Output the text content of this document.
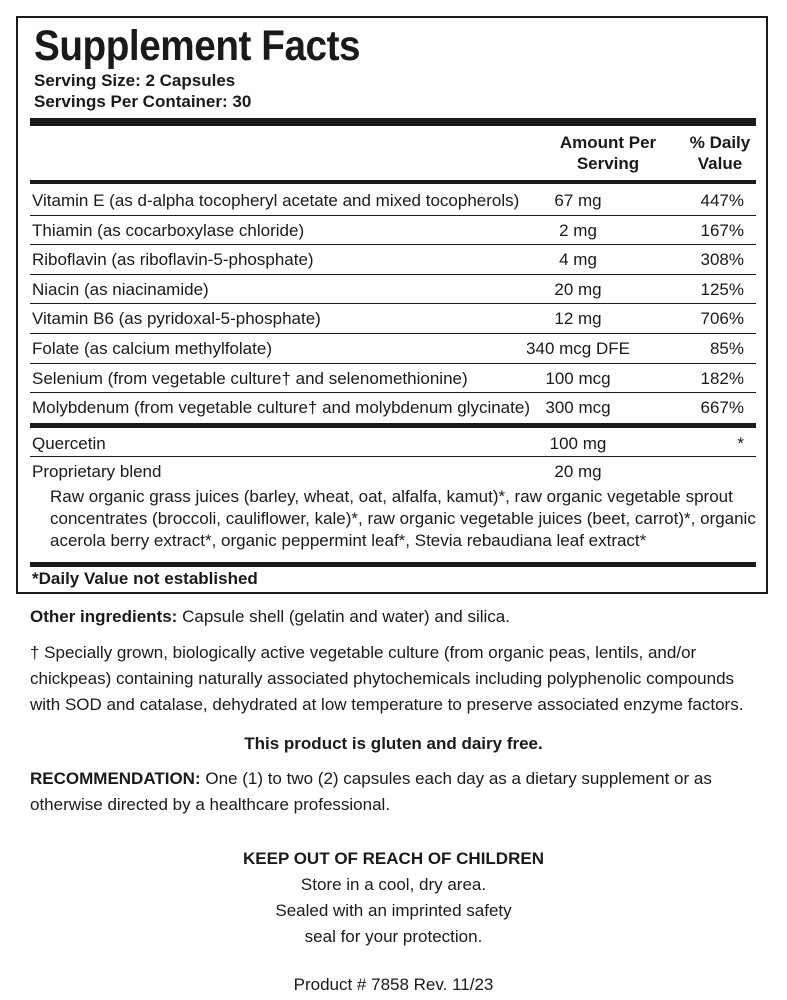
Supplement Facts
Serving Size: 2 Capsules
Servings Per Container: 30
Amount Per
Serving
% Daily
Value
Vitamin E (as d-alpha tocopheryl acetate and mixed tocopherols) 67 mg	447%
Thiamin (as cocarboxylase chloride)	2 mg	167%
Riboflavin (as riboflavin-5-phosphate)	4 mg	308%
Niacin (as niacinamide)	20 mg	125%
Vitamin B6 (as pyridoxal-5-phosphate)	12 mg	706%
Folate (as calcium methylfolate)	340 mcg DFE	85%
Selenium (from vegetable culture† and selenomethionine)	100 mcg	182%
Molybdenum (from vegetable culture† and molybdenum glycinate) 300 mcg	667%
Quercetin	100 mg	*
Proprietary blend	20 mg
Raw organic grass juices (barley, wheat, oat, alfalfa, kamut)*, raw organic vegetable sprout concentrates (broccoli, cauliflower, kale)*, raw organic vegetable juices (beet, carrot)*, organic acerola berry extract*, organic peppermint leaf*, Stevia rebaudiana leaf extract*
*Daily Value not established
Other ingredients: Capsule shell (gelatin and water) and silica.
† Specially grown, biologically active vegetable culture (from organic peas, lentils, and/or chickpeas) containing naturally associated phytochemicals including polyphenolic compounds with SOD and catalase, dehydrated at low temperature to preserve associated enzyme factors.
This product is gluten and dairy free.
RECOMMENDATION: One (1) to two (2) capsules each day as a dietary supplement or as otherwise directed by a healthcare professional.
KEEP OUT OF REACH OF CHILDREN
Store in a cool, dry area.
Sealed with an imprinted safety
seal for your protection.
Product # 7858 Rev. 11/23
